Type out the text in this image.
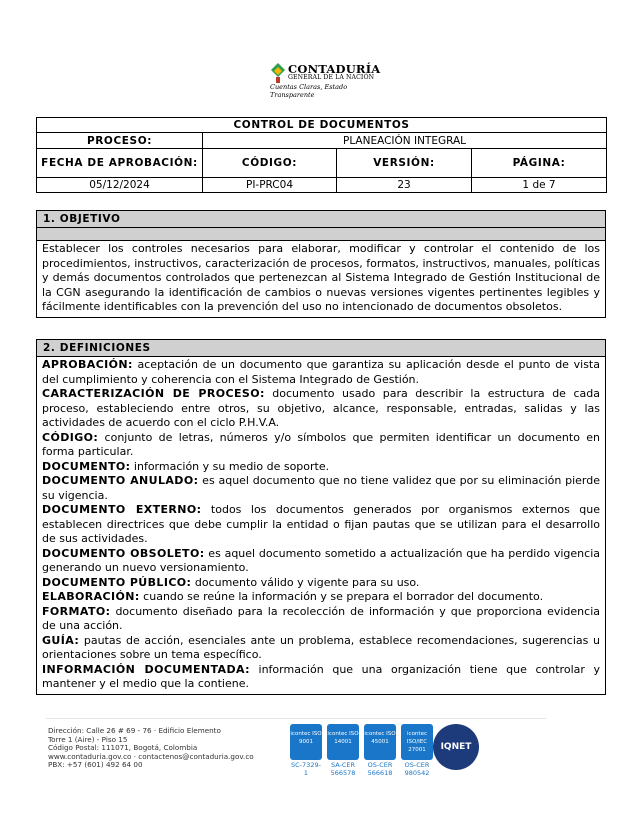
CONTADURÍA
GENERAL DE LA NACIÓN
Cuentas Claras, Estado Transparente
CONTROL DE DOCUMENTOS			
PROCESO:	PLANEACIÓN INTEGRAL		
FECHA DE APROBACIÓN:	CÓDIGO:	VERSIÓN:	PÁGINA:
05/12/2024	PI-PRC04	23	1 de 7
1. OBJETIVO
Establecer los controles necesarios para elaborar, modificar y controlar el contenido de los procedimientos, instructivos, caracterización de procesos, formatos, instructivos, manuales, políticas y demás documentos controlados que pertenezcan al Sistema Integrado de Gestión Institucional de la CGN asegurando la identificación de cambios o nuevas versiones vigentes pertinentes legibles y fácilmente identificables con la prevención del uso no intencionado de documentos obsoletos.
2. DEFINICIONES

APROBACIÓN: aceptación de un documento que garantiza su aplicación desde el punto de vista del cumplimiento y coherencia con el Sistema Integrado de Gestión.

CARACTERIZACIÓN DE PROCESO: documento usado para describir la estructura de cada proceso, estableciendo entre otros, su objetivo, alcance, responsable, entradas, salidas y las actividades de acuerdo con el ciclo P.H.V.A.

CÓDIGO: conjunto de letras, números y/o símbolos que permiten identificar un documento en forma particular.

DOCUMENTO: información y su medio de soporte.

DOCUMENTO ANULADO: es aquel documento que no tiene validez que por su eliminación pierde su vigencia.

DOCUMENTO EXTERNO: todos los documentos generados por organismos externos que establecen directrices que debe cumplir la entidad o fijan pautas que se utilizan para el desarrollo de sus actividades.

DOCUMENTO OBSOLETO: es aquel documento sometido a actualización que ha perdido vigencia generando un nuevo versionamiento.

DOCUMENTO PÚBLICO: documento válido y vigente para su uso.

ELABORACIÓN: cuando se reúne la información y se prepara el borrador del documento.

FORMATO: documento diseñado para la recolección de información y que proporciona evidencia de una acción.

GUÍA: pautas de acción, esenciales ante un problema, establece recomendaciones, sugerencias u orientaciones sobre un tema específico.

INFORMACIÓN DOCUMENTADA: información que una organización tiene que controlar y mantener y el medio que la contiene.

Dirección: Calle 26 # 69 - 76 · Edificio Elemento
Torre 1 (Aire) - Piso 15
Código Postal: 111071, Bogotá, Colombia
www.contaduria.gov.co · contactenos@contaduria.gov.co
PBX: +57 (601) 492 64 00
icontec ISO 9001
SC-7329-1
icontec ISO 14001
SA-CER 566578
icontec ISO 45001
OS-CER 566618
icontec ISO/IEC 27001
OS-CER 980542
IQNET
